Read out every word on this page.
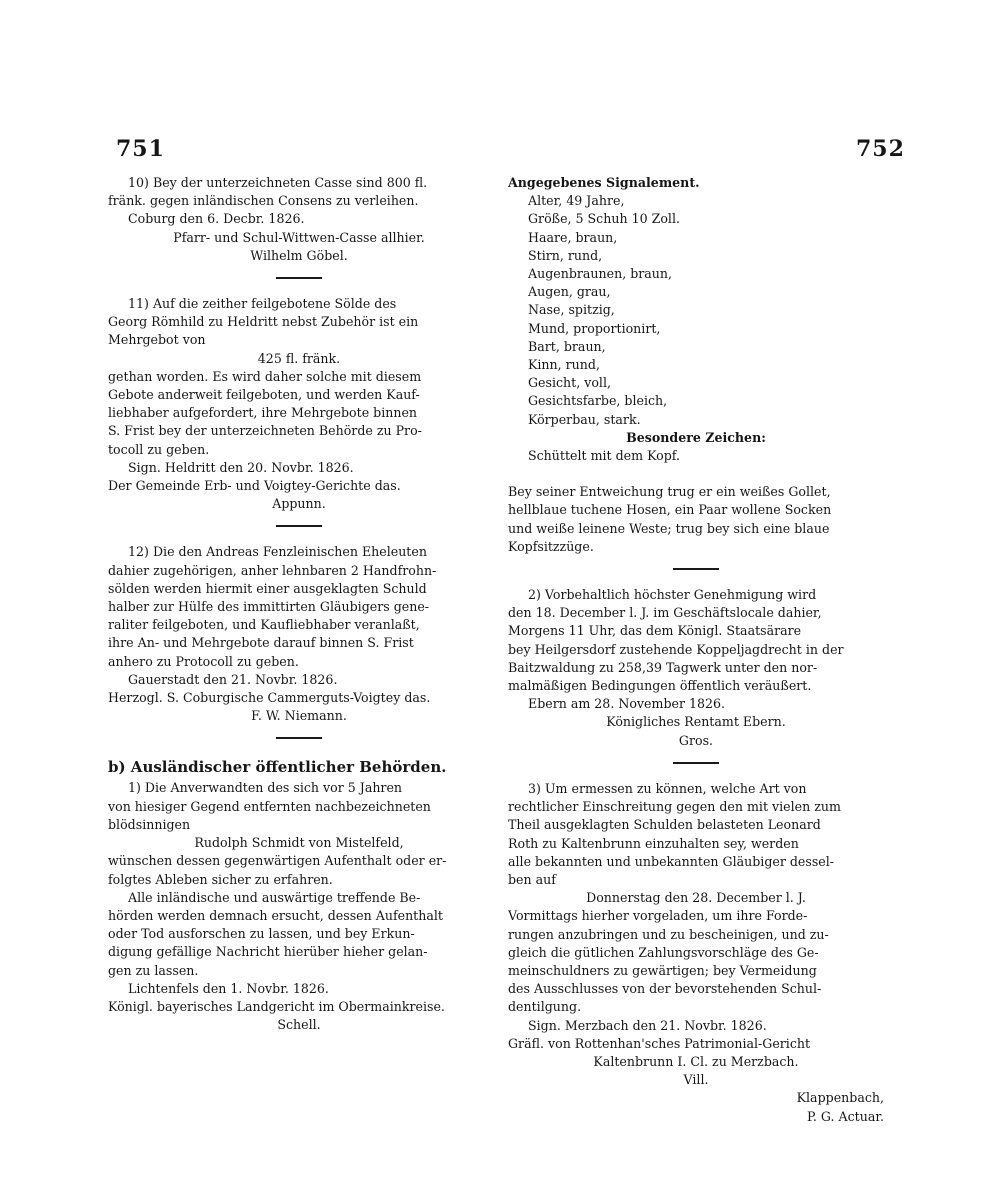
751	752
10) Bey der unterzeichneten Casse sind 800 fl.
fränk. gegen inländischen Consens zu verleihen.
Coburg den 6. Decbr. 1826.
Pfarr- und Schul-Wittwen-Casse allhier.
Wilhelm Göbel.
11) Auf die zeither feilgebotene Sölde des
Georg Römhild zu Heldritt nebst Zubehör ist ein
Mehrgebot von
425 fl. fränk.
gethan worden. Es wird daher solche mit diesem
Gebote anderweit feilgeboten, und werden Kauf-
liebhaber aufgefordert, ihre Mehrgebote binnen
S. Frist bey der unterzeichneten Behörde zu Pro-
tocoll zu geben.
Sign. Heldritt den 20. Novbr. 1826.
Der Gemeinde Erb- und Voigtey-Gerichte das.
Appunn.
12) Die den Andreas Fenzleinischen Eheleuten
dahier zugehörigen, anher lehnbaren 2 Handfrohn-
sölden werden hiermit einer ausgeklagten Schuld
halber zur Hülfe des immittirten Gläubigers gene-
raliter feilgeboten, und Kaufliebhaber veranlaßt,
ihre An- und Mehrgebote darauf binnen S. Frist
anhero zu Protocoll zu geben.
Gauerstadt den 21. Novbr. 1826.
Herzogl. S. Coburgische Cammerguts-Voigtey das.
F. W. Niemann.
b) Ausländischer öffentlicher Behörden.
1) Die Anverwandten des sich vor 5 Jahren
von hiesiger Gegend entfernten nachbezeichneten
blödsinnigen
Rudolph Schmidt von Mistelfeld,
wünschen dessen gegenwärtigen Aufenthalt oder er-
folgtes Ableben sicher zu erfahren.
Alle inländische und auswärtige treffende Be-
hörden werden demnach ersucht, dessen Aufenthalt
oder Tod ausforschen zu lassen, und bey Erkun-
digung gefällige Nachricht hierüber hieher gelan-
gen zu lassen.
Lichtenfels den 1. Novbr. 1826.
Königl. bayerisches Landgericht im Obermainkreise.
Schell.
Angegebenes Signalement.
Alter, 49 Jahre,
Größe, 5 Schuh 10 Zoll.
Haare, braun,
Stirn, rund,
Augenbraunen, braun,
Augen, grau,
Nase, spitzig,
Mund, proportionirt,
Bart, braun,
Kinn, rund,
Gesicht, voll,
Gesichtsfarbe, bleich,
Körperbau, stark.
Besondere Zeichen:
Schüttelt mit dem Kopf.
Bey seiner Entweichung trug er ein weißes Gollet,
hellblaue tuchene Hosen, ein Paar wollene Socken
und weiße leinene Weste; trug bey sich eine blaue
Kopfsitzzüge.
2) Vorbehaltlich höchster Genehmigung wird
den 18. December l. J. im Geschäftslocale dahier,
Morgens 11 Uhr, das dem Königl. Staatsärare
bey Heilgersdorf zustehende Koppeljagdrecht in der
Baitzwaldung zu 258,39 Tagwerk unter den nor-
malmäßigen Bedingungen öffentlich veräußert.
Ebern am 28. November 1826.
Königliches Rentamt Ebern.
Gros.
3) Um ermessen zu können, welche Art von
rechtlicher Einschreitung gegen den mit vielen zum
Theil ausgeklagten Schulden belasteten Leonard
Roth zu Kaltenbrunn einzuhalten sey, werden
alle bekannten und unbekannten Gläubiger dessel-
ben auf
Donnerstag den 28. December l. J.
Vormittags hierher vorgeladen, um ihre Forde-
rungen anzubringen und zu bescheinigen, und zu-
gleich die gütlichen Zahlungsvorschläge des Ge-
meinschuldners zu gewärtigen; bey Vermeidung
des Ausschlusses von der bevorstehenden Schul-
dentilgung.
Sign. Merzbach den 21. Novbr. 1826.
Gräfl. von Rottenhan'sches Patrimonial-Gericht
Kaltenbrunn I. Cl. zu Merzbach.
Vill.
Klappenbach,
P. G. Actuar.
